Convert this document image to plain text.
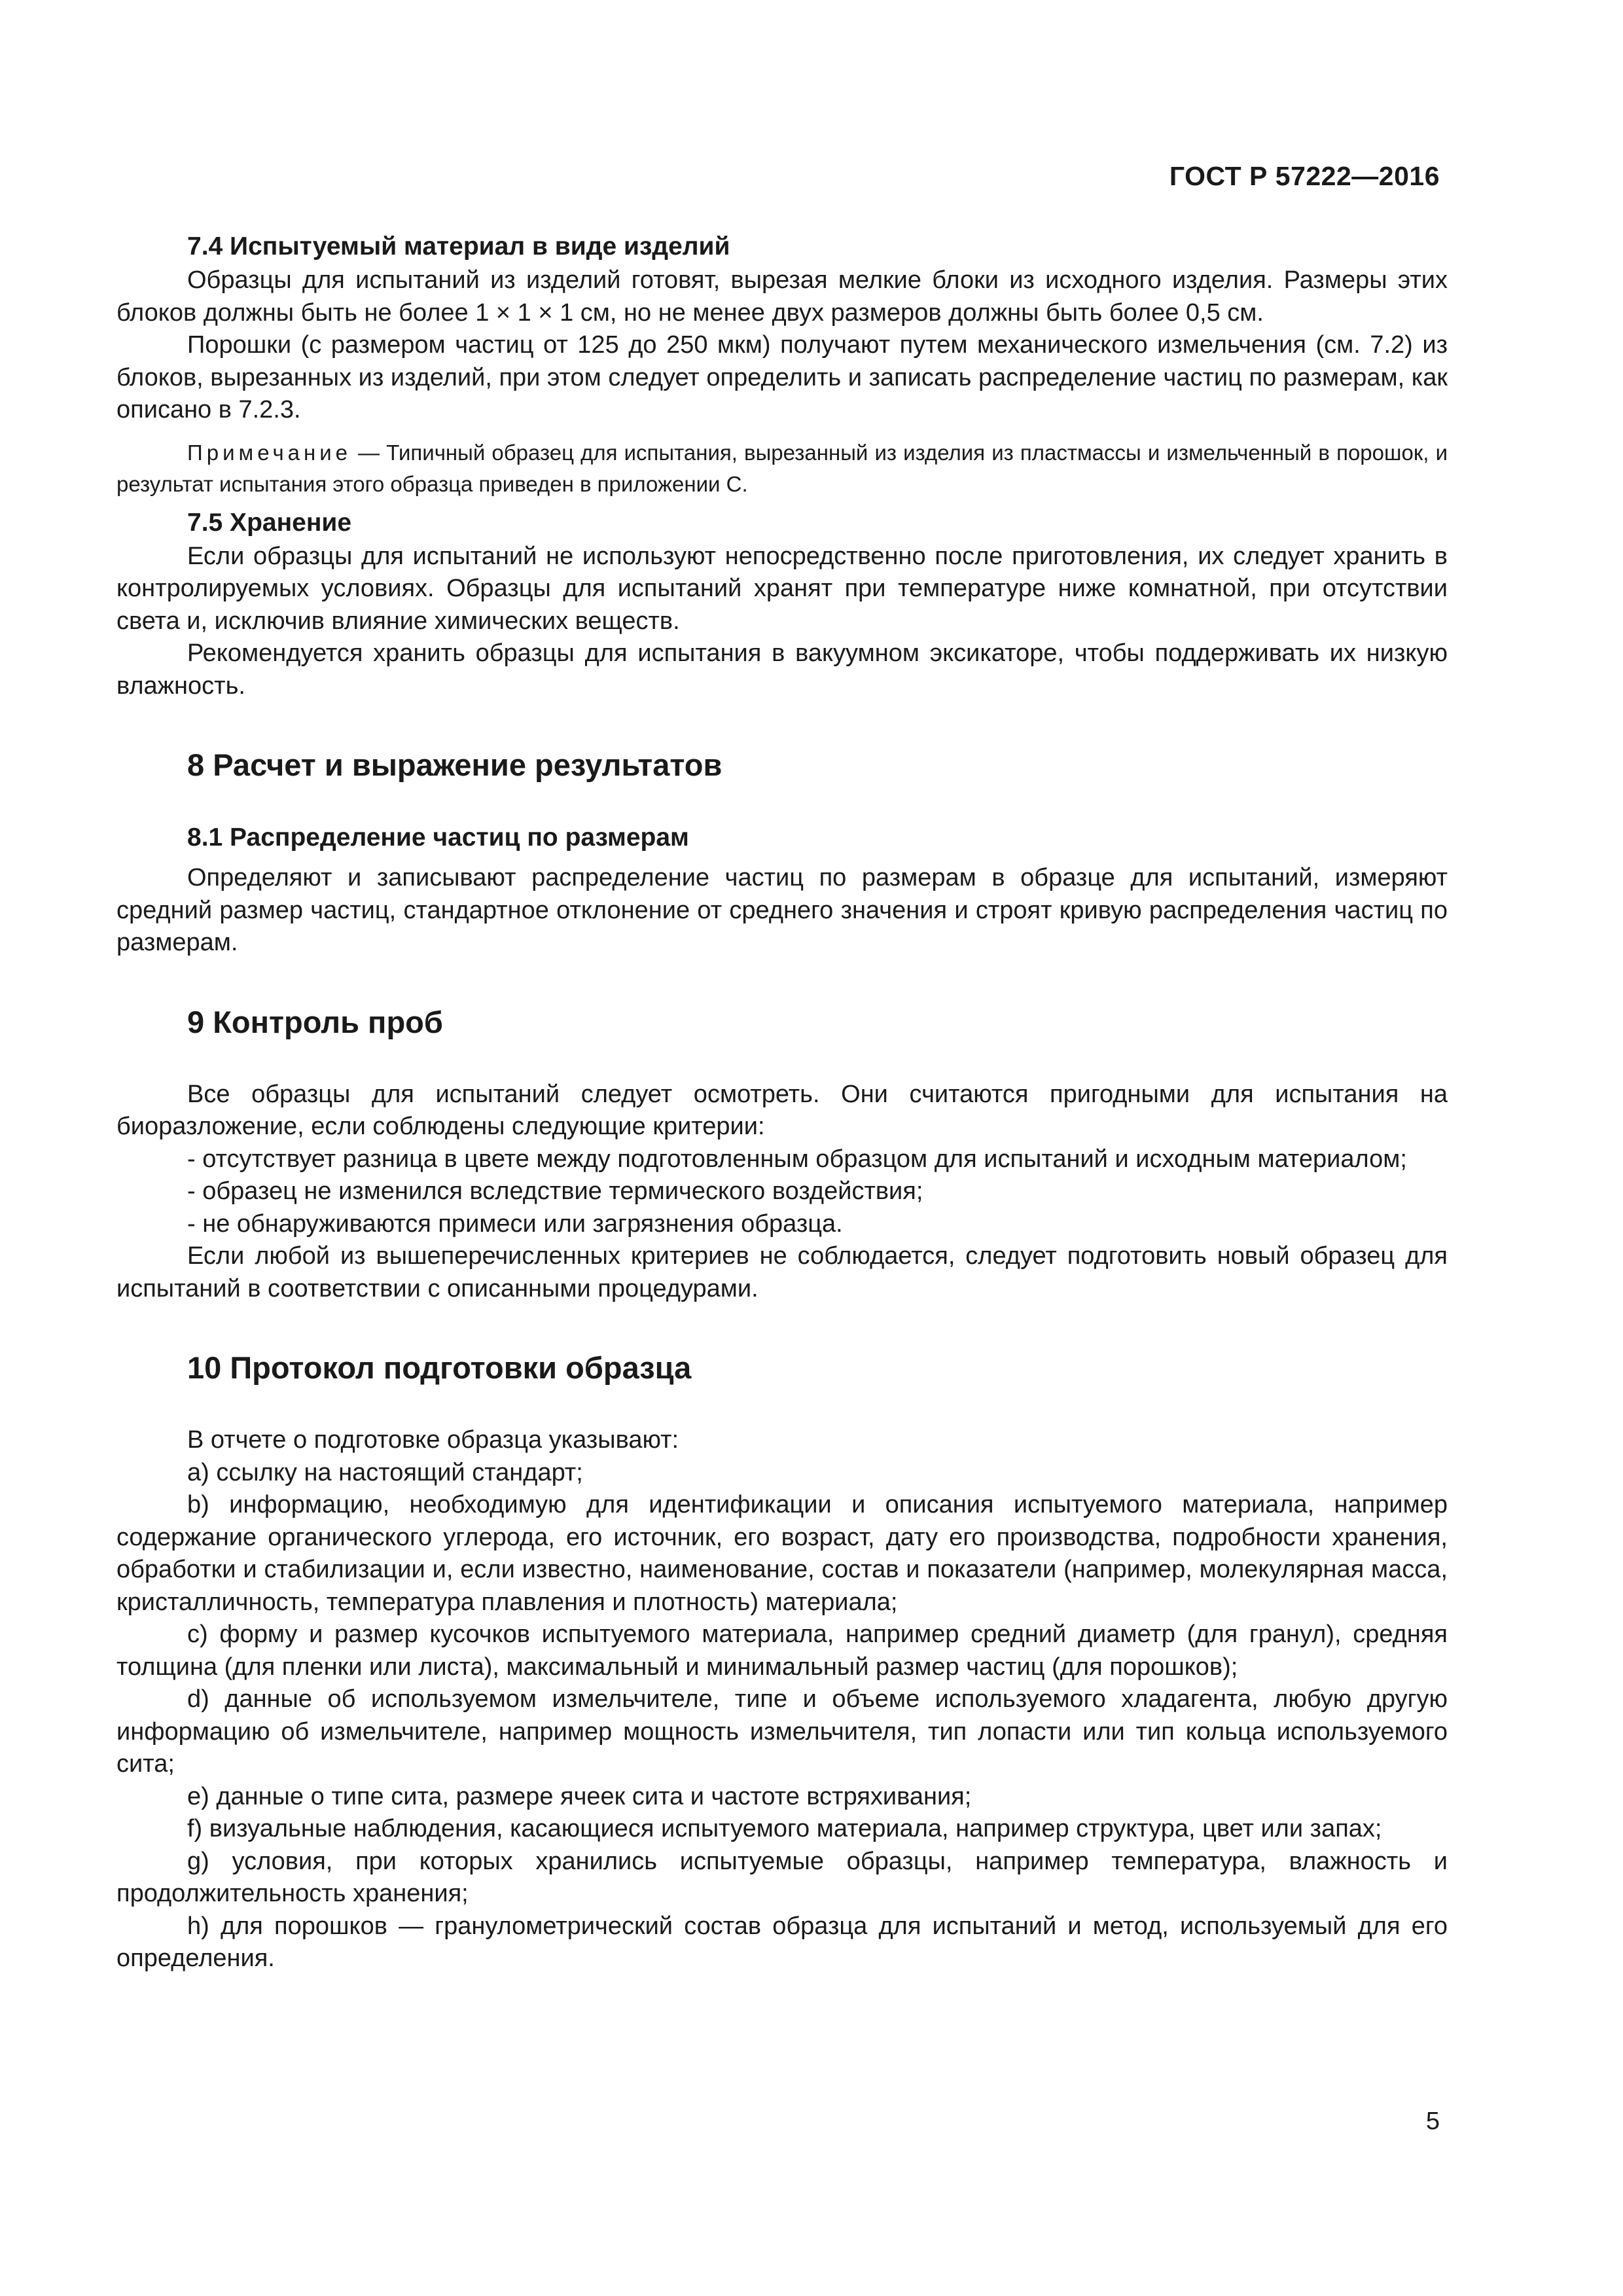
ГОСТ Р 57222—2016
7.4 Испытуемый материал в виде изделий

Образцы для испытаний из изделий готовят, вырезая мелкие блоки из исходного изделия. Размеры этих блоков должны быть не более 1 × 1 × 1 см, но не менее двух размеров должны быть более 0,5 см.

Порошки (с размером частиц от 125 до 250 мкм) получают путем механического измельчения (см. 7.2) из блоков, вырезанных из изделий, при этом следует определить и записать распределение частиц по размерам, как описано в 7.2.3.

Примечание — Типичный образец для испытания, вырезанный из изделия из пластмассы и измельченный в порошок, и результат испытания этого образца приведен в приложении С.
7.5 Хранение

Если образцы для испытаний не используют непосредственно после приготовления, их следует хранить в контролируемых условиях. Образцы для испытаний хранят при температуре ниже комнатной, при отсутствии света и, исключив влияние химических веществ.

Рекомендуется хранить образцы для испытания в вакуумном эксикаторе, чтобы поддерживать их низкую влажность.

8 Расчет и выражение результатов
8.1 Распределение частиц по размерам

Определяют и записывают распределение частиц по размерам в образце для испытаний, измеряют средний размер частиц, стандартное отклонение от среднего значения и строят кривую распределения частиц по размерам.

9 Контроль проб

Все образцы для испытаний следует осмотреть. Они считаются пригодными для испытания на биоразложение, если соблюдены следующие критерии:

- отсутствует разница в цвете между подготовленным образцом для испытаний и исходным материалом;

- образец не изменился вследствие термического воздействия;

- не обнаруживаются примеси или загрязнения образца.

Если любой из вышеперечисленных критериев не соблюдается, следует подготовить новый образец для испытаний в соответствии с описанными процедурами.

10 Протокол подготовки образца

В отчете о подготовке образца указывают:

a) ссылку на настоящий стандарт;

b) информацию, необходимую для идентификации и описания испытуемого материала, например содержание органического углерода, его источник, его возраст, дату его производства, подробности хранения, обработки и стабилизации и, если известно, наименование, состав и показатели (например, молекулярная масса, кристалличность, температура плавления и плотность) материала;

c) форму и размер кусочков испытуемого материала, например средний диаметр (для гранул), средняя толщина (для пленки или листа), максимальный и минимальный размер частиц (для порошков);

d) данные об используемом измельчителе, типе и объеме используемого хладагента, любую другую информацию об измельчителе, например мощность измельчителя, тип лопасти или тип кольца используемого сита;

e) данные о типе сита, размере ячеек сита и частоте встряхивания;

f) визуальные наблюдения, касающиеся испытуемого материала, например структура, цвет или запах;

g) условия, при которых хранились испытуемые образцы, например температура, влажность и продолжительность хранения;

h) для порошков — гранулометрический состав образца для испытаний и метод, используемый для его определения.

5
